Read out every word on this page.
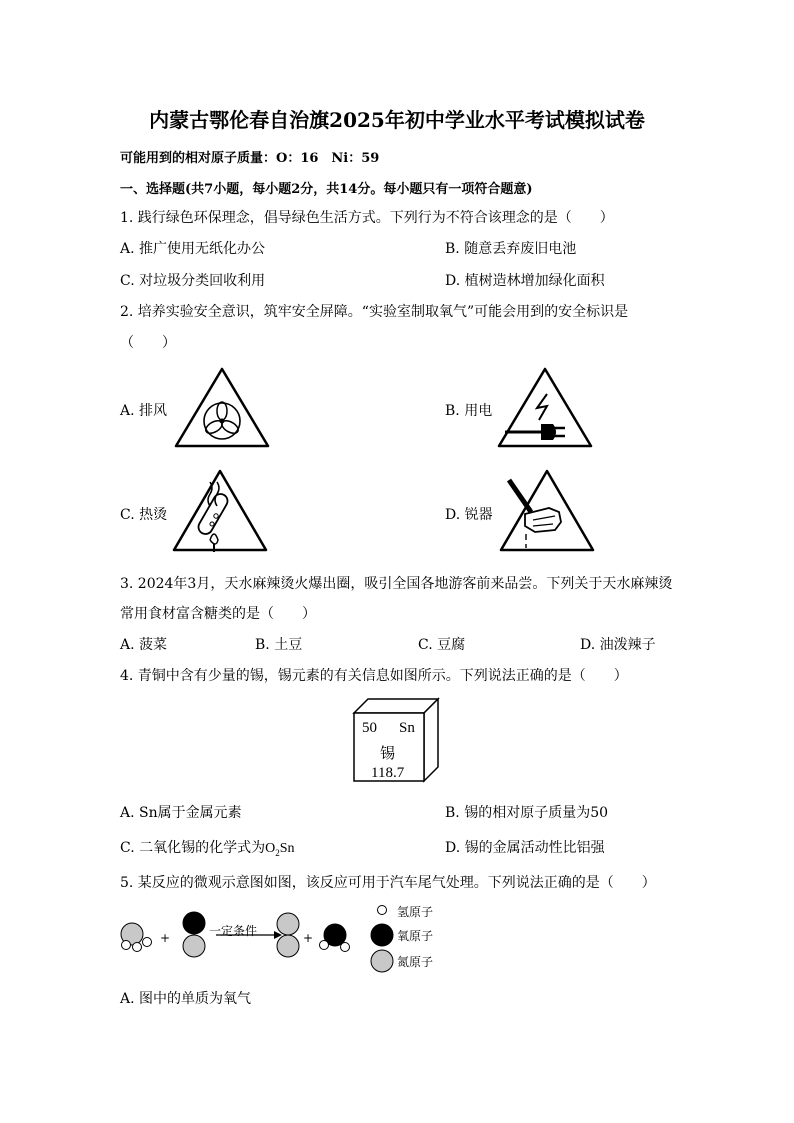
内蒙古鄂伦春自治旗2025年初中学业水平考试模拟试卷
可能用到的相对原子质量：O：16　Ni：59
一、选择题(共7小题，每小题2分，共14分。每小题只有一项符合题意)
1. 践行绿色环保理念，倡导绿色生活方式。下列行为不符合该理念的是（　　）
A. 推广使用无纸化办公	B. 随意丢弃废旧电池
C. 对垃圾分类回收利用	D. 植树造林增加绿化面积
2. 培养实验安全意识，筑牢安全屏障。“实验室制取氧气”可能会用到的安全标识是
（　　）
A. 排风	B. 用电
C. 热烫	D. 锐器
3. 2024年3月，天水麻辣烫火爆出圈，吸引全国各地游客前来品尝。下列关于天水麻辣烫
常用食材富含糖类的是（　　）
A. 菠菜	B. 土豆	C. 豆腐	D. 油泼辣子
4. 青铜中含有少量的锡，锡元素的有关信息如图所示。下列说法正确的是（　　）
50 Sn
锡
118.7
A. Sn属于金属元素	B. 锡的相对原子质量为50
C. 二氧化锡的化学式为$O_2Sn$	D. 锡的金属活动性比铝强
5. 某反应的微观示意图如图，该反应可用于汽车尾气处理。下列说法正确的是（　　）
+	一定条件	+
氢原子
氧原子
氮原子
A. 图中的单质为氧气
